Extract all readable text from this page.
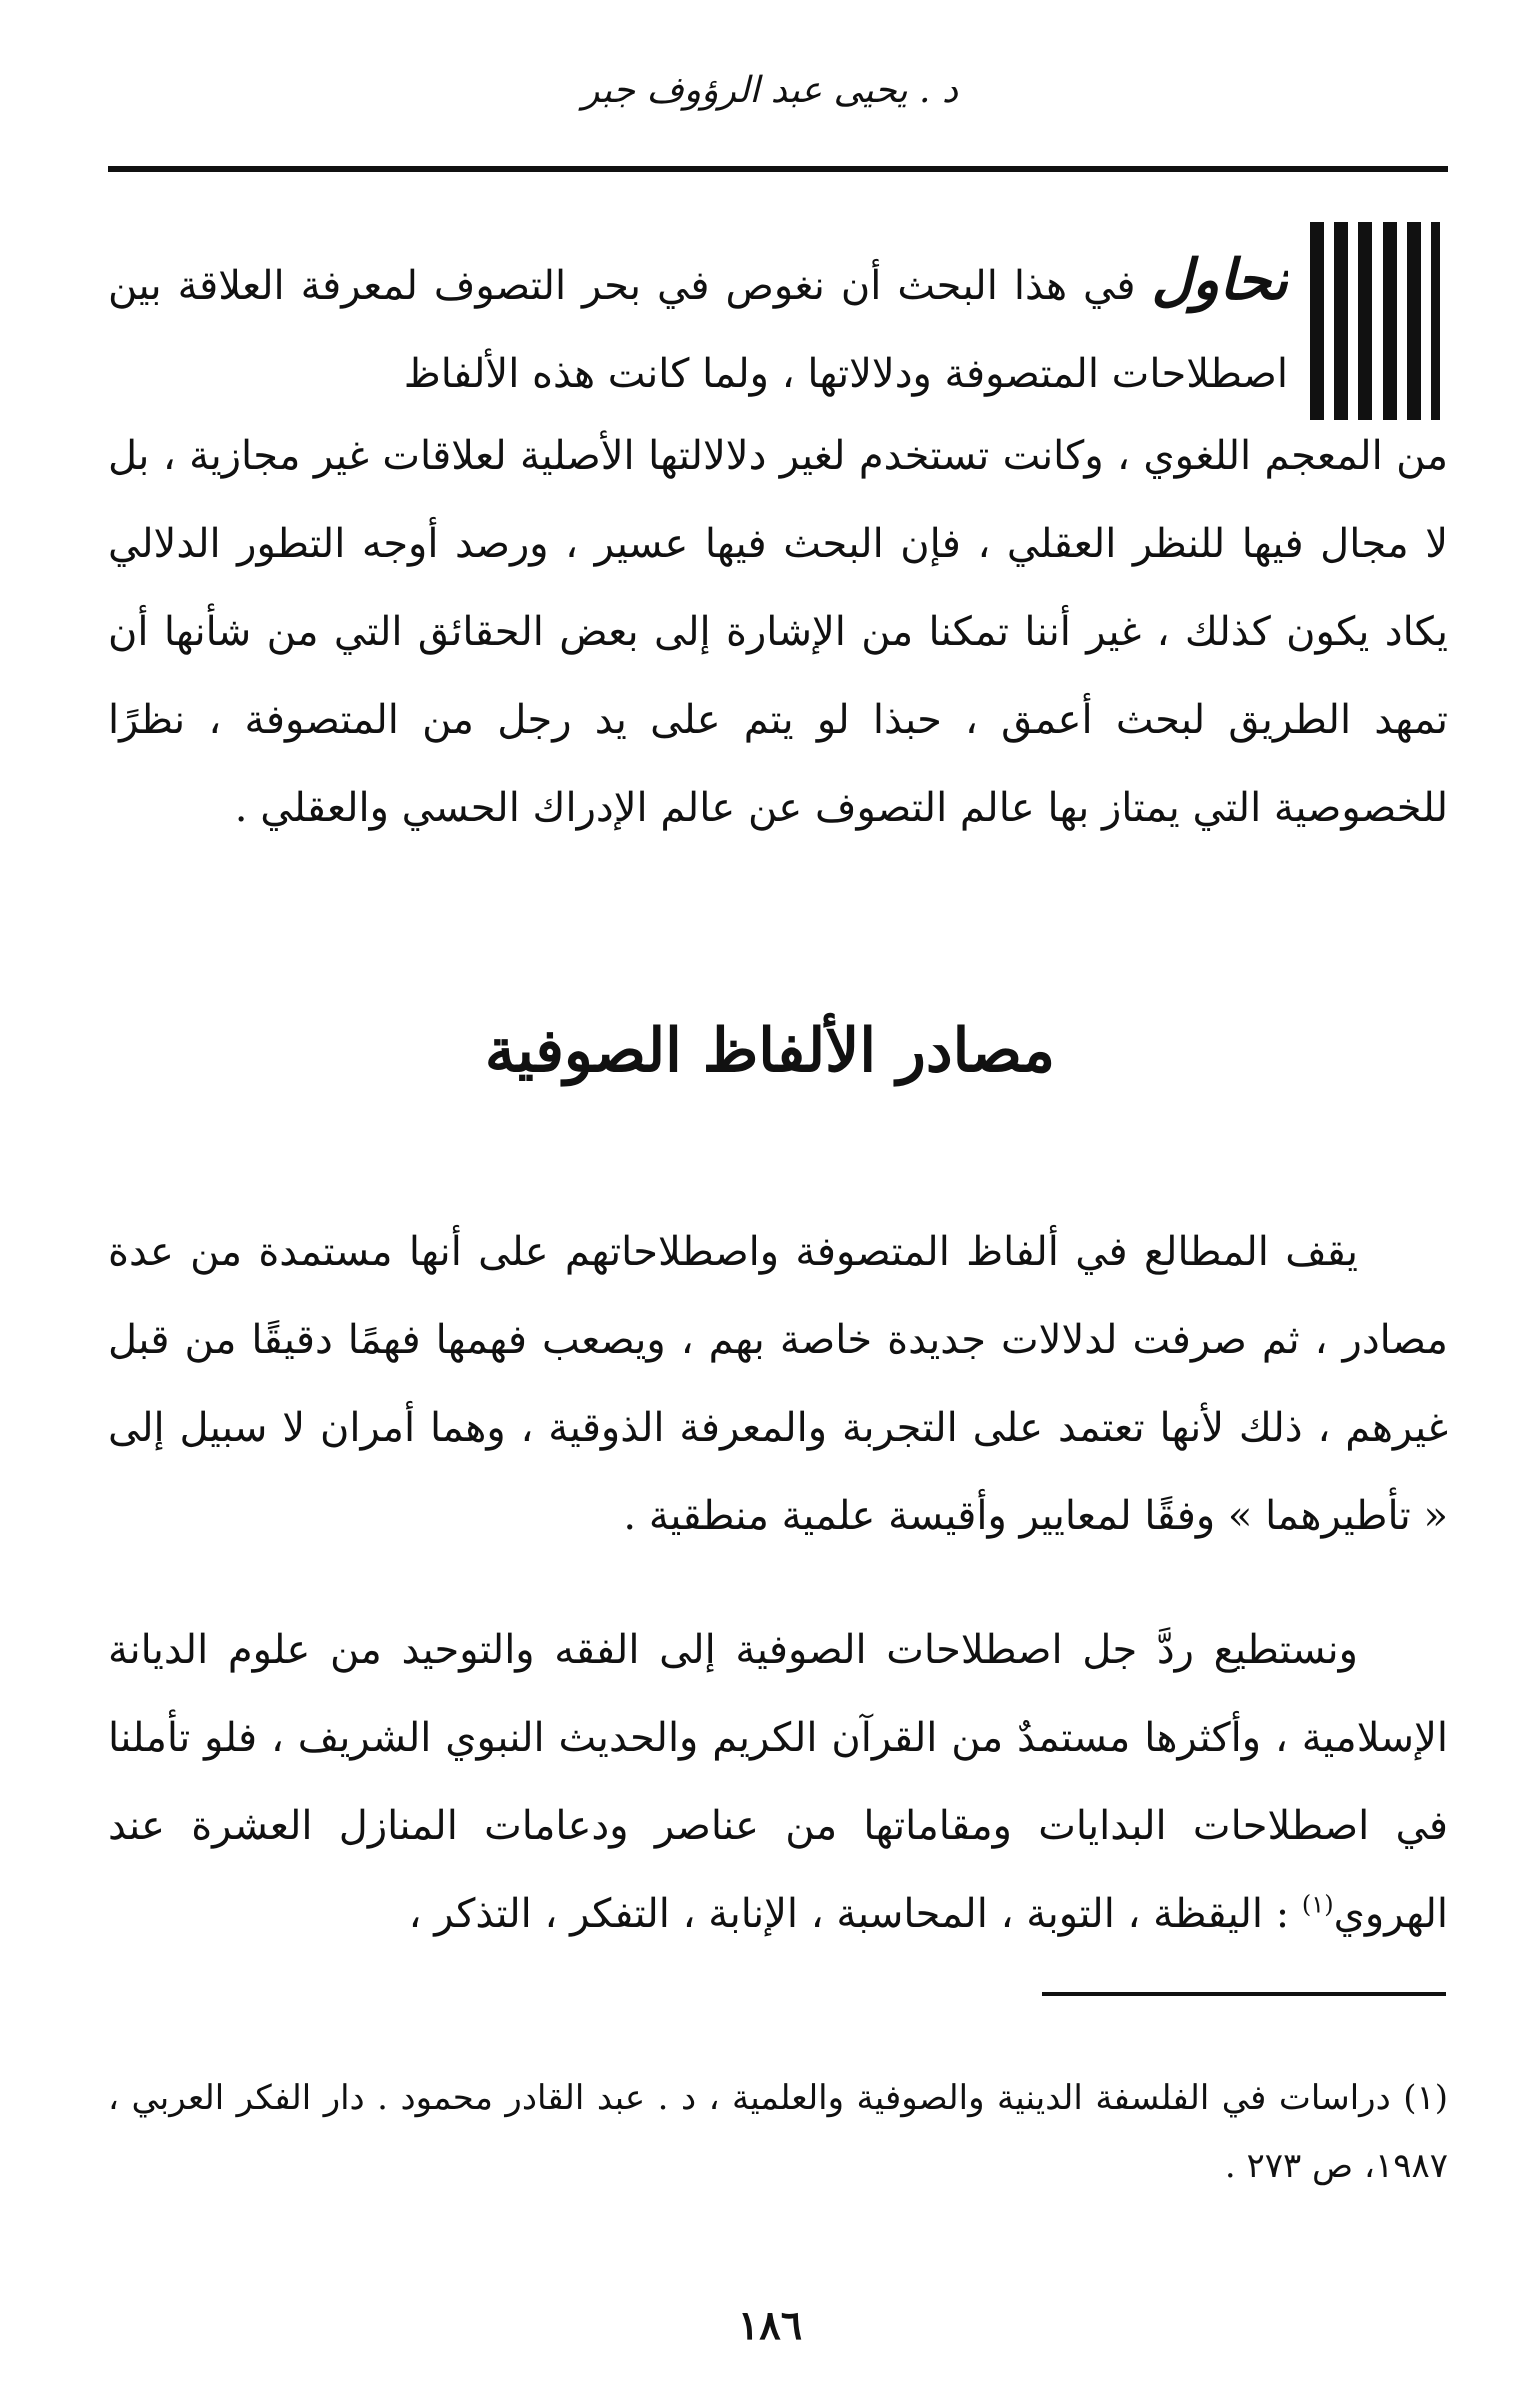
د . يحيى عبد الرؤوف جبر

نحاول في هذا البحث أن نغوص في بحر التصوف لمعرفة العلاقة بين اصطلاحات المتصوفة ودلالاتها ، ولما كانت هذه الألفاظ

من المعجم اللغوي ، وكانت تستخدم لغير دلالالتها الأصلية لعلاقات غير مجازية ، بل لا مجال فيها للنظر العقلي ، فإن البحث فيها عسير ، ورصد أوجه التطور الدلالي يكاد يكون كذلك ، غير أننا تمكنا من الإشارة إلى بعض الحقائق التي من شأنها أن تمهد الطريق لبحث أعمق ، حبذا لو يتم على يد رجل من المتصوفة ، نظرًا للخصوصية التي يمتاز بها عالم التصوف عن عالم الإدراك الحسي والعقلي .

مصادر الألفاظ الصوفية

يقف المطالع في ألفاظ المتصوفة واصطلاحاتهم على أنها مستمدة من عدة مصادر ، ثم صرفت لدلالات جديدة خاصة بهم ، ويصعب فهمها فهمًا دقيقًا من قبل غيرهم ، ذلك لأنها تعتمد على التجربة والمعرفة الذوقية ، وهما أمران لا سبيل إلى « تأطيرهما » وفقًا لمعايير وأقيسة علمية منطقية .

ونستطيع ردَّ جل اصطلاحات الصوفية إلى الفقه والتوحيد من علوم الديانة الإسلامية ، وأكثرها مستمدٌ من القرآن الكريم والحديث النبوي الشريف ، فلو تأملنا في اصطلاحات البدايات ومقاماتها من عناصر ودعامات المنازل العشرة عند الهروي$^{(١)}$ : اليقظة ، التوبة ، المحاسبة ، الإنابة ، التفكر ، التذكر ،

(١) دراسات في الفلسفة الدينية والصوفية والعلمية ، د . عبد القادر محمود . دار الفكر العربي ، ١٩٨٧، ص ٢٧٣ .

١٨٦
